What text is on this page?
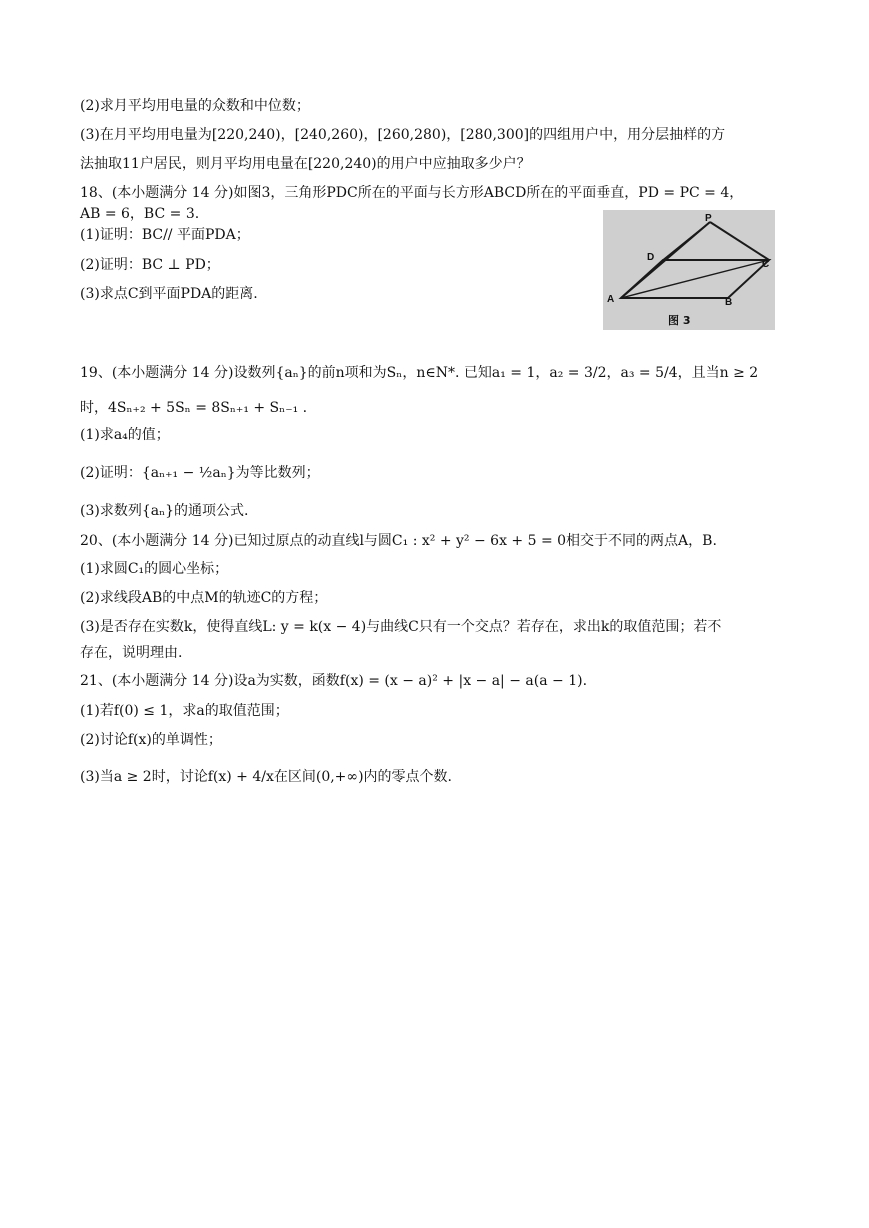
(2)求月平均用电量的众数和中位数；
(3)在月平均用电量为[220,240)，[240,260)，[260,280)，[280,300]的四组用户中，用分层抽样的方
法抽取11户居民，则月平均用电量在[220,240)的用户中应抽取多少户？
18、(本小题满分 14 分)如图3，三角形PDC所在的平面与长方形ABCD所在的平面垂直，PD = PC = 4，
AB = 6，BC = 3.
(1)证明：BC// 平面PDA；
(2)证明：BC ⊥ PD；
(3)求点C到平面PDA的距离.
P
D
C
A	B
图 3
19、(本小题满分 14 分)设数列{aₙ}的前n项和为Sₙ，n∈N*. 已知a₁ = 1，a₂ = 3/2，a₃ = 5/4，且当n ≥ 2
时，4Sₙ₊₂ + 5Sₙ = 8Sₙ₊₁ + Sₙ₋₁ .
(1)求a₄的值；
(2)证明：{aₙ₊₁ − ½aₙ}为等比数列；
(3)求数列{aₙ}的通项公式.
20、(本小题满分 14 分)已知过原点的动直线l与圆C₁ : x² + y² − 6x + 5 = 0相交于不同的两点A，B.
(1)求圆C₁的圆心坐标；
(2)求线段AB的中点M的轨迹C的方程；
(3)是否存在实数k，使得直线L: y = k(x − 4)与曲线C只有一个交点？若存在，求出k的取值范围；若不
存在，说明理由.
21、(本小题满分 14 分)设a为实数，函数f(x) = (x − a)² + |x − a| − a(a − 1).
(1)若f(0) ≤ 1，求a的取值范围；
(2)讨论f(x)的单调性；
(3)当a ≥ 2时，讨论f(x) + 4/x在区间(0,+∞)内的零点个数.
